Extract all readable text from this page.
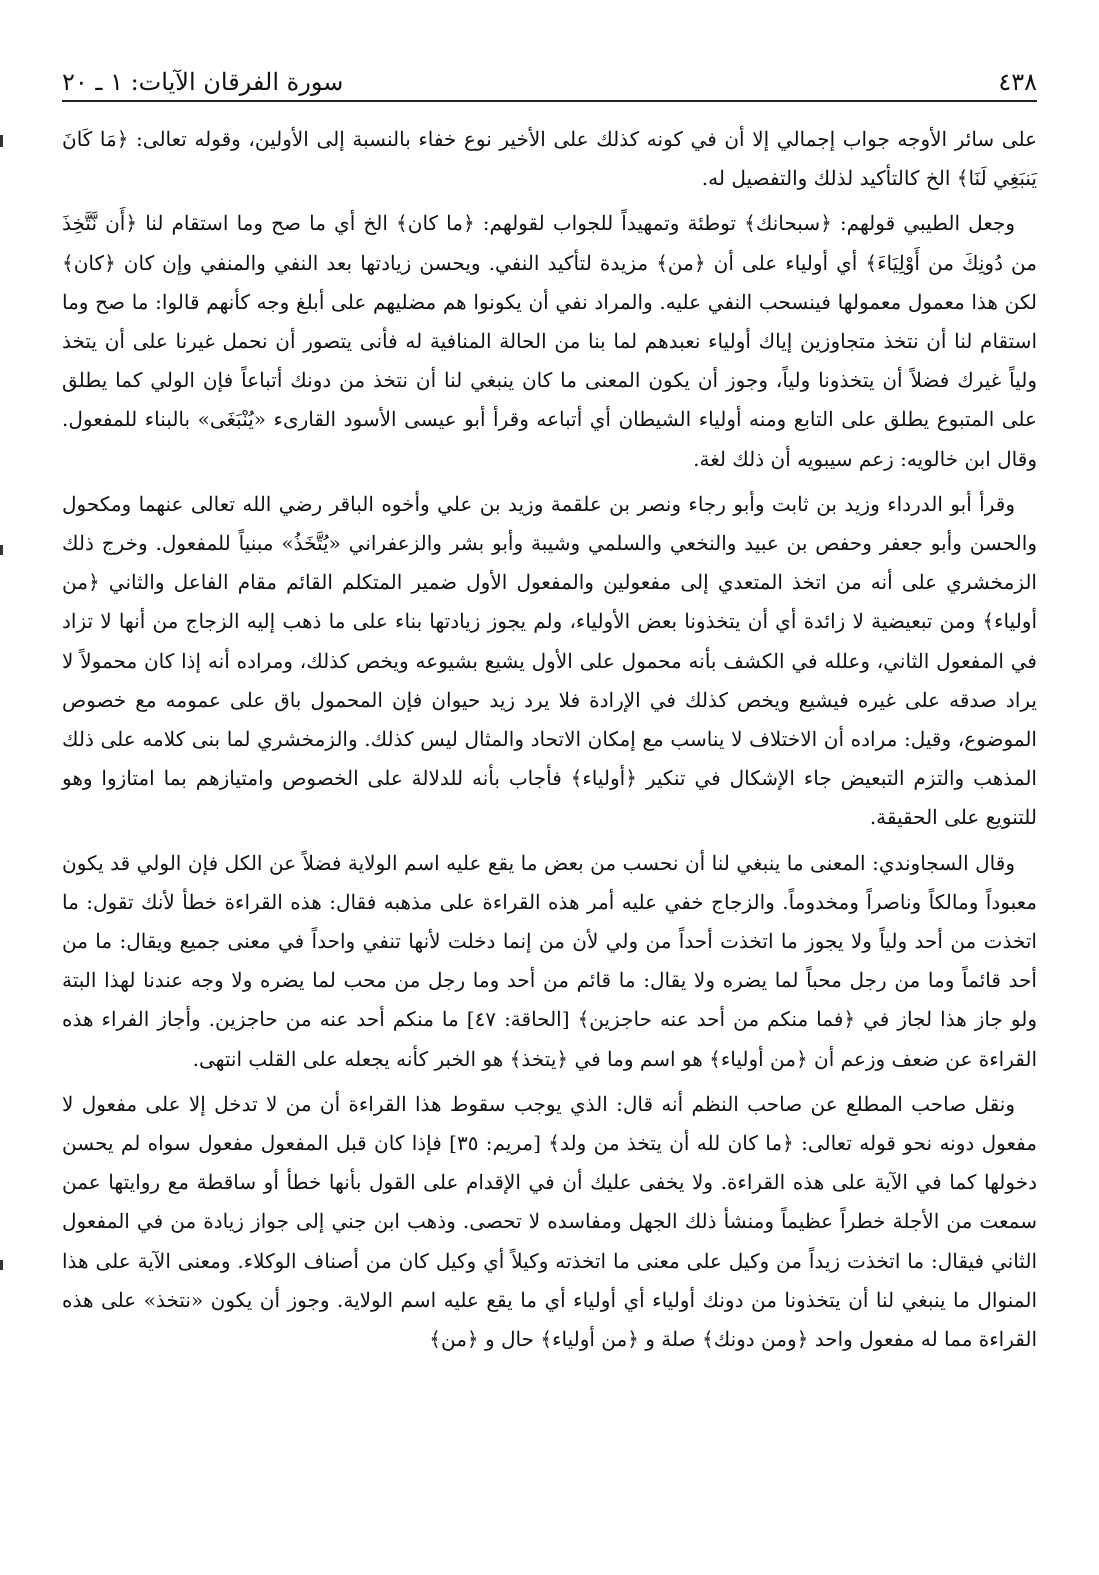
٤٣٨
سورة الفرقان الآيات: ١ ـ ٢٠

على سائر الأوجه جواب إجمالي إلا أن في كونه كذلك على الأخير نوع خفاء بالنسبة إلى الأولين، وقوله تعالى: ﴿مَا كَانَ يَنبَغِي لَنَا﴾ الخ كالتأكيد لذلك والتفصيل له.

وجعل الطيبي قولهم: ﴿سبحانك﴾ توطئة وتمهيداً للجواب لقولهم: ﴿ما كان﴾ الخ أي ما صح وما استقام لنا ﴿أَن نَّتَّخِذَ من دُونِكَ من أَوْلِيَاءَ﴾ أي أولياء على أن ﴿من﴾ مزيدة لتأكيد النفي. ويحسن زيادتها بعد النفي والمنفي وإن كان ﴿كان﴾ لكن هذا معمول معمولها فينسحب النفي عليه. والمراد نفي أن يكونوا هم مضليهم على أبلغ وجه كأنهم قالوا: ما صح وما استقام لنا أن نتخذ متجاوزين إياك أولياء نعبدهم لما بنا من الحالة المنافية له فأنى يتصور أن نحمل غيرنا على أن يتخذ ولياً غيرك فضلاً أن يتخذونا ولياً، وجوز أن يكون المعنى ما كان ينبغي لنا أن نتخذ من دونك أتباعاً فإن الولي كما يطلق على المتبوع يطلق على التابع ومنه أولياء الشيطان أي أتباعه وقرأ أبو عيسى الأسود القارىء «يُنْبَغَى» بالبناء للمفعول. وقال ابن خالويه: زعم سيبويه أن ذلك لغة.

وقرأ أبو الدرداء وزيد بن ثابت وأبو رجاء ونصر بن علقمة وزيد بن علي وأخوه الباقر رضي الله تعالى عنهما ومكحول والحسن وأبو جعفر وحفص بن عبيد والنخعي والسلمي وشيبة وأبو بشر والزعفراني «يُتَّخَذُ» مبنياً للمفعول. وخرج ذلك الزمخشري على أنه من اتخذ المتعدي إلى مفعولين والمفعول الأول ضمير المتكلم القائم مقام الفاعل والثاني ﴿من أولياء﴾ ومن تبعيضية لا زائدة أي أن يتخذونا بعض الأولياء، ولم يجوز زيادتها بناء على ما ذهب إليه الزجاج من أنها لا تزاد في المفعول الثاني، وعلله في الكشف بأنه محمول على الأول يشيع بشيوعه ويخص كذلك، ومراده أنه إذا كان محمولاً لا يراد صدقه على غيره فيشيع ويخص كذلك في الإرادة فلا يرد زيد حيوان فإن المحمول باق على عمومه مع خصوص الموضوع، وقيل: مراده أن الاختلاف لا يناسب مع إمكان الاتحاد والمثال ليس كذلك. والزمخشري لما بنى كلامه على ذلك المذهب والتزم التبعيض جاء الإشكال في تنكير ﴿أولياء﴾ فأجاب بأنه للدلالة على الخصوص وامتيازهم بما امتازوا وهو للتنويع على الحقيقة.

وقال السجاوندي: المعنى ما ينبغي لنا أن نحسب من بعض ما يقع عليه اسم الولاية فضلاً عن الكل فإن الولي قد يكون معبوداً ومالكاً وناصراً ومخدوماً. والزجاج خفي عليه أمر هذه القراءة على مذهبه فقال: هذه القراءة خطأ لأنك تقول: ما اتخذت من أحد ولياً ولا يجوز ما اتخذت أحداً من ولي لأن من إنما دخلت لأنها تنفي واحداً في معنى جميع ويقال: ما من أحد قائماً وما من رجل محباً لما يضره ولا يقال: ما قائم من أحد وما رجل من محب لما يضره ولا وجه عندنا لهذا البتة ولو جاز هذا لجاز في ﴿فما منكم من أحد عنه حاجزين﴾ [الحاقة: ٤٧] ما منكم أحد عنه من حاجزين. وأجاز الفراء هذه القراءة عن ضعف وزعم أن ﴿من أولياء﴾ هو اسم وما في ﴿يتخذ﴾ هو الخبر كأنه يجعله على القلب انتهى.

ونقل صاحب المطلع عن صاحب النظم أنه قال: الذي يوجب سقوط هذا القراءة أن من لا تدخل إلا على مفعول لا مفعول دونه نحو قوله تعالى: ﴿ما كان لله أن يتخذ من ولد﴾ [مريم: ٣٥] فإذا كان قبل المفعول مفعول سواه لم يحسن دخولها كما في الآية على هذه القراءة. ولا يخفى عليك أن في الإقدام على القول بأنها خطأ أو ساقطة مع روايتها عمن سمعت من الأجلة خطراً عظيماً ومنشأ ذلك الجهل ومفاسده لا تحصى. وذهب ابن جني إلى جواز زيادة من في المفعول الثاني فيقال: ما اتخذت زيداً من وكيل على معنى ما اتخذته وكيلاً أي وكيل كان من أصناف الوكلاء. ومعنى الآية على هذا المنوال ما ينبغي لنا أن يتخذونا من دونك أولياء أي أولياء أي ما يقع عليه اسم الولاية. وجوز أن يكون «نتخذ» على هذه القراءة مما له مفعول واحد ﴿ومن دونك﴾ صلة و ﴿من أولياء﴾ حال و ﴿من﴾
